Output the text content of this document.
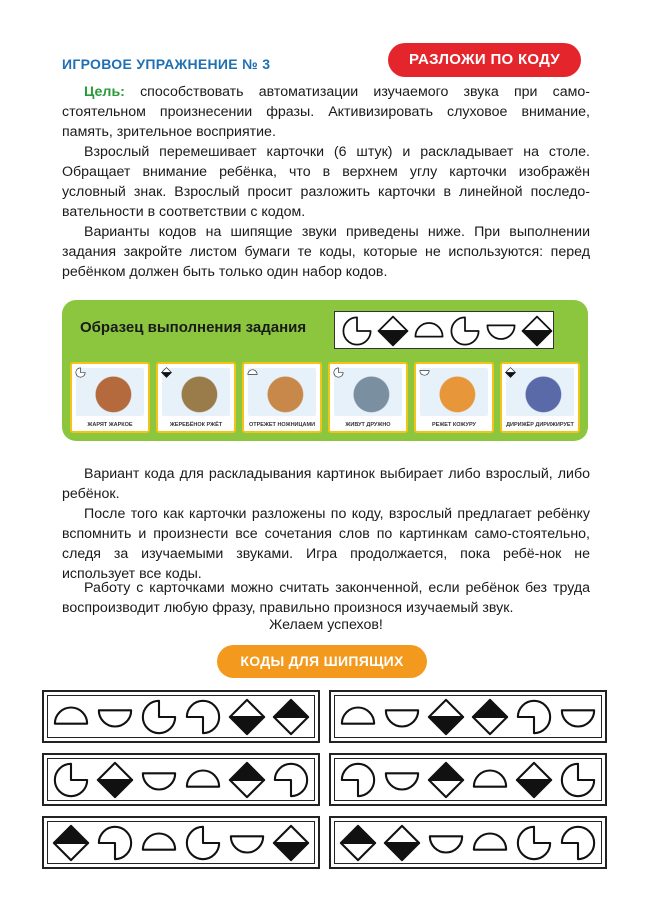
ИГРОВОЕ УПРАЖНЕНИЕ № 3	РАЗЛОЖИ ПО КОДУ

Цель: способствовать автоматизации изучаемого звука при само-стоятельном произнесении фразы. Активизировать слуховое внимание, память, зрительное восприятие.

Взрослый перемешивает карточки (6 штук) и раскладывает на столе. Обращает внимание ребёнка, что в верхнем углу карточки изображён условный знак. Взрослый просит разложить карточки в линейной последо-вательности в соответствии с кодом.
Варианты кодов на шипящие звуки приведены ниже. При выполнении задания закройте листом бумаги те коды, которые не используются: перед ребёнком должен быть только один набор кодов.
Образец выполнения задания
ЖАРЯТ ЖАРКОЕ	ЖЕРЕБЁНОК РЖЁТ	ОТРЕЖЕТ НОЖНИЦАМИ	ЖИВУТ ДРУЖНО	РЕЖЕТ КОЖУРУ	ДИРИЖЁР ДИРИЖИРУЕТ
Вариант кода для раскладывания картинок выбирает либо взрослый, либо ребёнок.
После того как карточки разложены по коду, взрослый предлагает ребёнку вспомнить и произнести все сочетания слов по картинкам само-стоятельно, следя за изучаемыми звуками. Игра продолжается, пока ребё-нок не использует все коды.
Работу с карточками можно считать законченной, если ребёнок без труда воспроизводит любую фразу, правильно произнося изучаемый звук.
Желаем успехов!
КОДЫ ДЛЯ ШИПЯЩИХ
